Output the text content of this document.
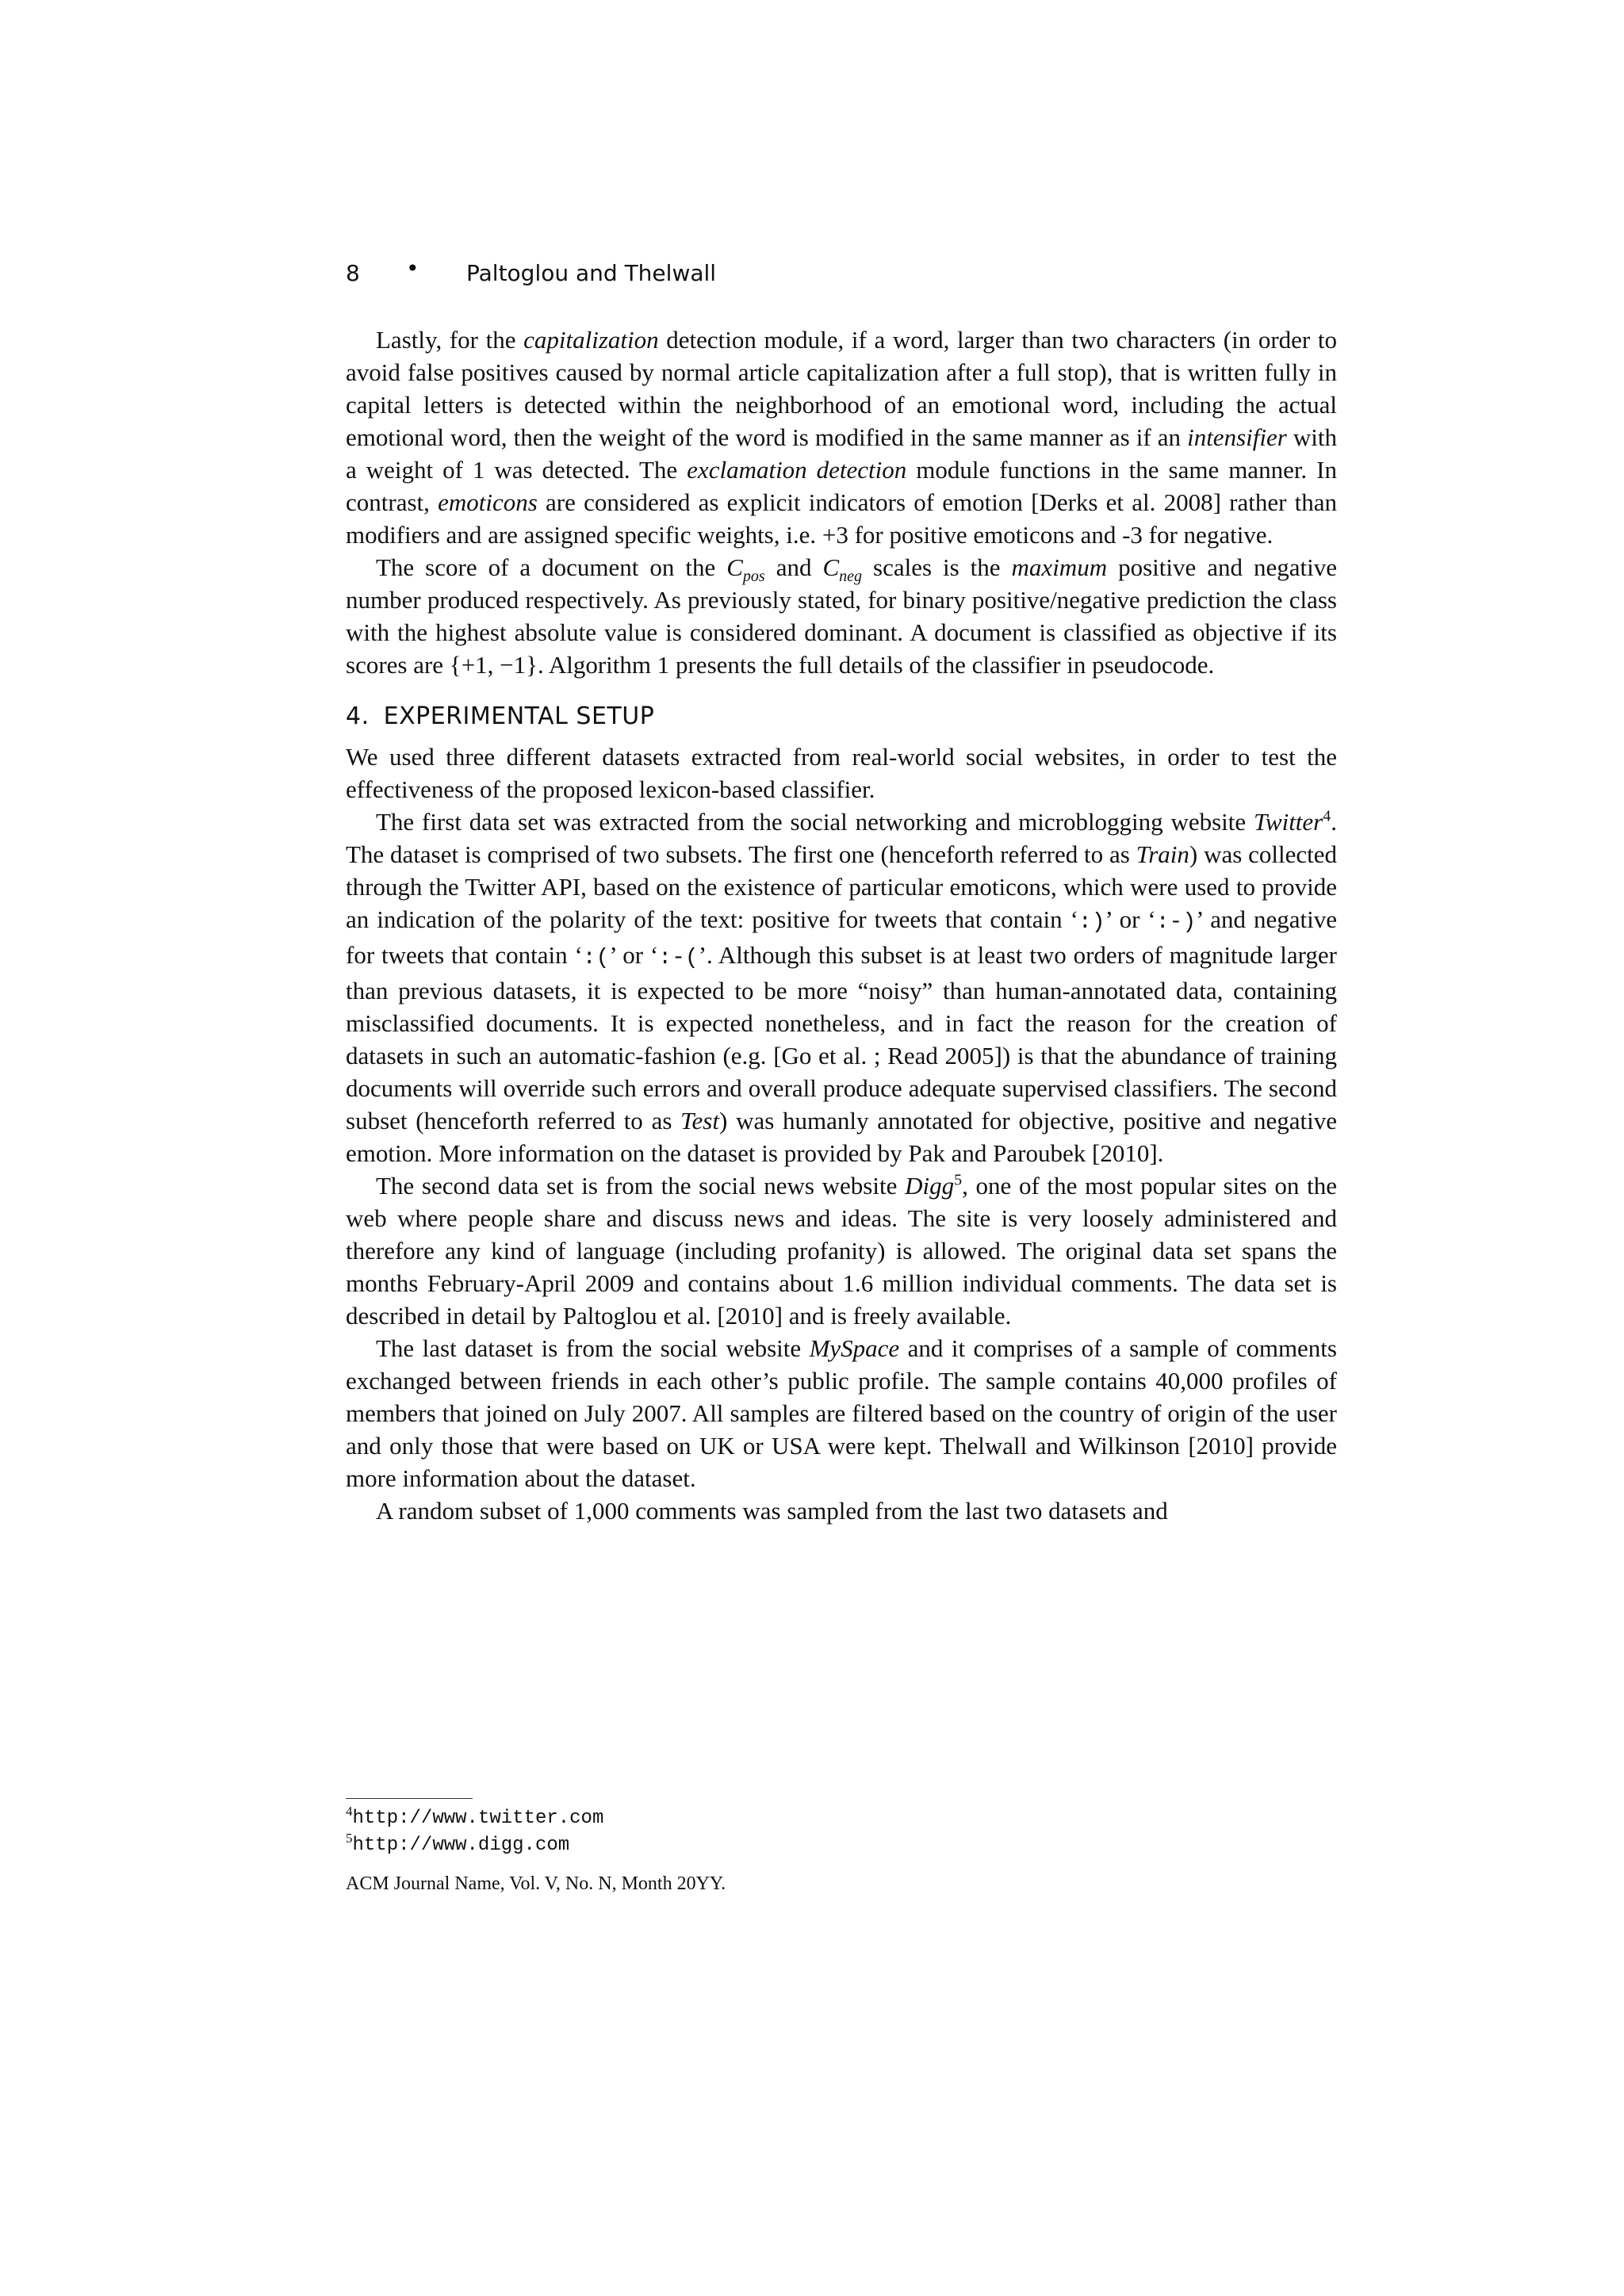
8 • Paltoglou and Thelwall

Lastly, for the capitalization detection module, if a word, larger than two characters (in order to avoid false positives caused by normal article capitalization after a full stop), that is written fully in capital letters is detected within the neighborhood of an emotional word, including the actual emotional word, then the weight of the word is modified in the same manner as if an intensifier with a weight of 1 was detected. The exclamation detection module functions in the same manner. In contrast, emoticons are considered as explicit indicators of emotion [Derks et al. 2008] rather than modifiers and are assigned specific weights, i.e. +3 for positive emoticons and -3 for negative.

The score of a document on the $C_{pos}$ and $C_{neg}$ scales is the maximum positive and negative number produced respectively. As previously stated, for binary positive/negative prediction the class with the highest absolute value is considered dominant. A document is classified as objective if its scores are {+1, −1}. Algorithm 1 presents the full details of the classifier in pseudocode.

4. EXPERIMENTAL SETUP

We used three different datasets extracted from real-world social websites, in order to test the effectiveness of the proposed lexicon-based classifier.

The first data set was extracted from the social networking and microblogging website Twitter$^4$. The dataset is comprised of two subsets. The first one (henceforth referred to as Train) was collected through the Twitter API, based on the existence of particular emoticons, which were used to provide an indication of the polarity of the text: positive for tweets that contain ‘:)’ or ‘:-)’ and negative for tweets that contain ‘:(’ or ‘:-(’. Although this subset is at least two orders of magnitude larger than previous datasets, it is expected to be more “noisy” than human-annotated data, containing misclassified documents. It is expected nonetheless, and in fact the reason for the creation of datasets in such an automatic-fashion (e.g. [Go et al. ; Read 2005]) is that the abundance of training documents will override such errors and overall produce adequate supervised classifiers. The second subset (henceforth referred to as Test) was humanly annotated for objective, positive and negative emotion. More information on the dataset is provided by Pak and Paroubek [2010].

The second data set is from the social news website Digg$^5$, one of the most popular sites on the web where people share and discuss news and ideas. The site is very loosely administered and therefore any kind of language (including profanity) is allowed. The original data set spans the months February-April 2009 and contains about 1.6 million individual comments. The data set is described in detail by Paltoglou et al. [2010] and is freely available.

The last dataset is from the social website MySpace and it comprises of a sample of comments exchanged between friends in each other’s public profile. The sample contains 40,000 profiles of members that joined on July 2007. All samples are filtered based on the country of origin of the user and only those that were based on UK or USA were kept. Thelwall and Wilkinson [2010] provide more information about the dataset.

A random subset of 1,000 comments was sampled from the last two datasets and

$^4$http://www.twitter.com
$^5$http://www.digg.com
ACM Journal Name, Vol. V, No. N, Month 20YY.
